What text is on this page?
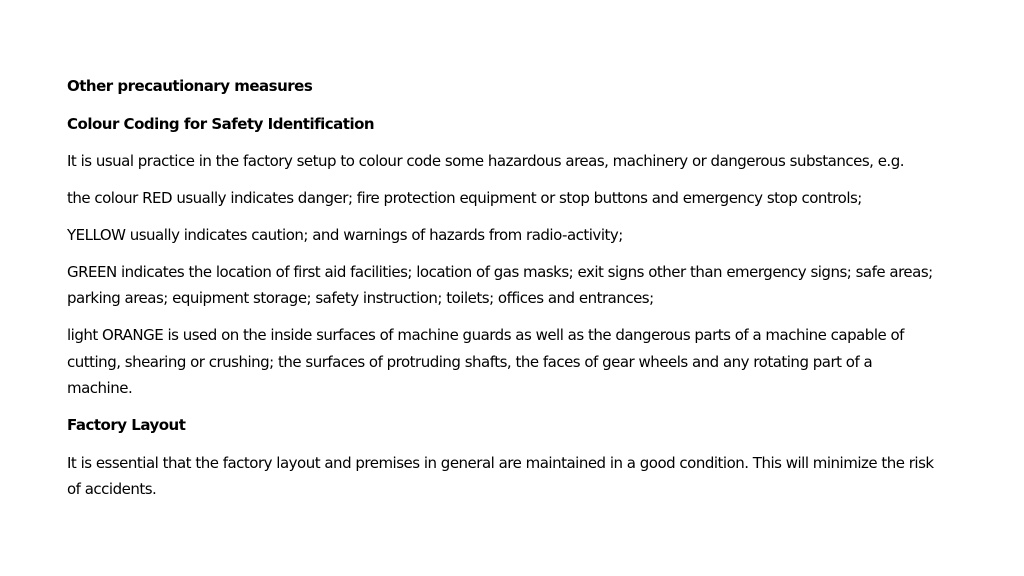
Other precautionary measures

Colour Coding for Safety Identification

It is usual practice in the factory setup to colour code some hazardous areas, machinery or dangerous substances, e.g.

the colour RED usually indicates danger; fire protection equipment or stop buttons and emergency stop controls;

YELLOW usually indicates caution; and warnings of hazards from radio-activity;

GREEN indicates the location of first aid facilities; location of gas masks; exit signs other than emergency signs; safe areas; parking areas; equipment storage; safety instruction; toilets; offices and entrances;

light ORANGE is used on the inside surfaces of machine guards as well as the dangerous parts of a machine capable of cutting, shearing or crushing; the surfaces of protruding shafts, the faces of gear wheels and any rotating part of a machine.

Factory Layout

It is essential that the factory layout and premises in general are maintained in a good condition. This will minimize the risk of accidents.
